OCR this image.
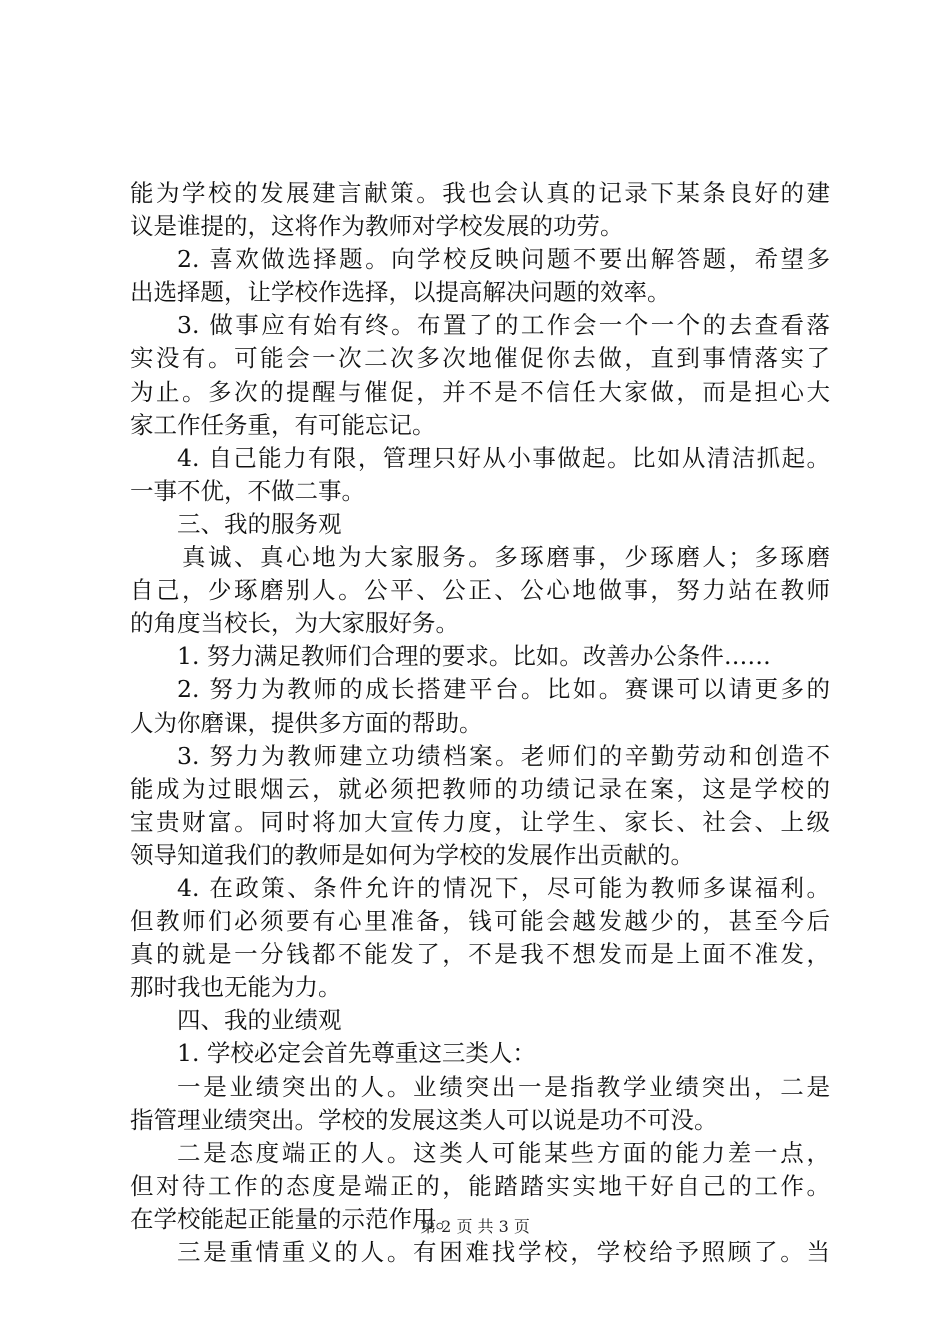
能为学校的发展建言献策。我也会认真的记录下某条良好的建
议是谁提的，这将作为教师对学校发展的功劳。
2. 喜欢做选择题。向学校反映问题不要出解答题，希望多
出选择题，让学校作选择，以提高解决问题的效率。
3. 做事应有始有终。布置了的工作会一个一个的去查看落
实没有。可能会一次二次多次地催促你去做，直到事情落实了
为止。多次的提醒与催促，并不是不信任大家做，而是担心大
家工作任务重，有可能忘记。
4. 自己能力有限，管理只好从小事做起。比如从清洁抓起。
一事不优，不做二事。
三、我的服务观
真诚、真心地为大家服务。多琢磨事，少琢磨人；多琢磨
自己，少琢磨别人。公平、公正、公心地做事，努力站在教师
的角度当校长，为大家服好务。
1. 努力满足教师们合理的要求。比如。改善办公条件……
2. 努力为教师的成长搭建平台。比如。赛课可以请更多的
人为你磨课，提供多方面的帮助。
3. 努力为教师建立功绩档案。老师们的辛勤劳动和创造不
能成为过眼烟云，就必须把教师的功绩记录在案，这是学校的
宝贵财富。同时将加大宣传力度，让学生、家长、社会、上级
领导知道我们的教师是如何为学校的发展作出贡献的。
4. 在政策、条件允许的情况下，尽可能为教师多谋福利。
但教师们必须要有心里准备，钱可能会越发越少的，甚至今后
真的就是一分钱都不能发了，不是我不想发而是上面不准发，
那时我也无能为力。
四、我的业绩观
1. 学校必定会首先尊重这三类人：
一是业绩突出的人。业绩突出一是指教学业绩突出，二是
指管理业绩突出。学校的发展这类人可以说是功不可没。
二是态度端正的人。这类人可能某些方面的能力差一点，
但对待工作的态度是端正的，能踏踏实实地干好自己的工作。
在学校能起正能量的示范作用。
三是重情重义的人。有困难找学校，学校给予照顾了。当
第 2 页 共 3 页
